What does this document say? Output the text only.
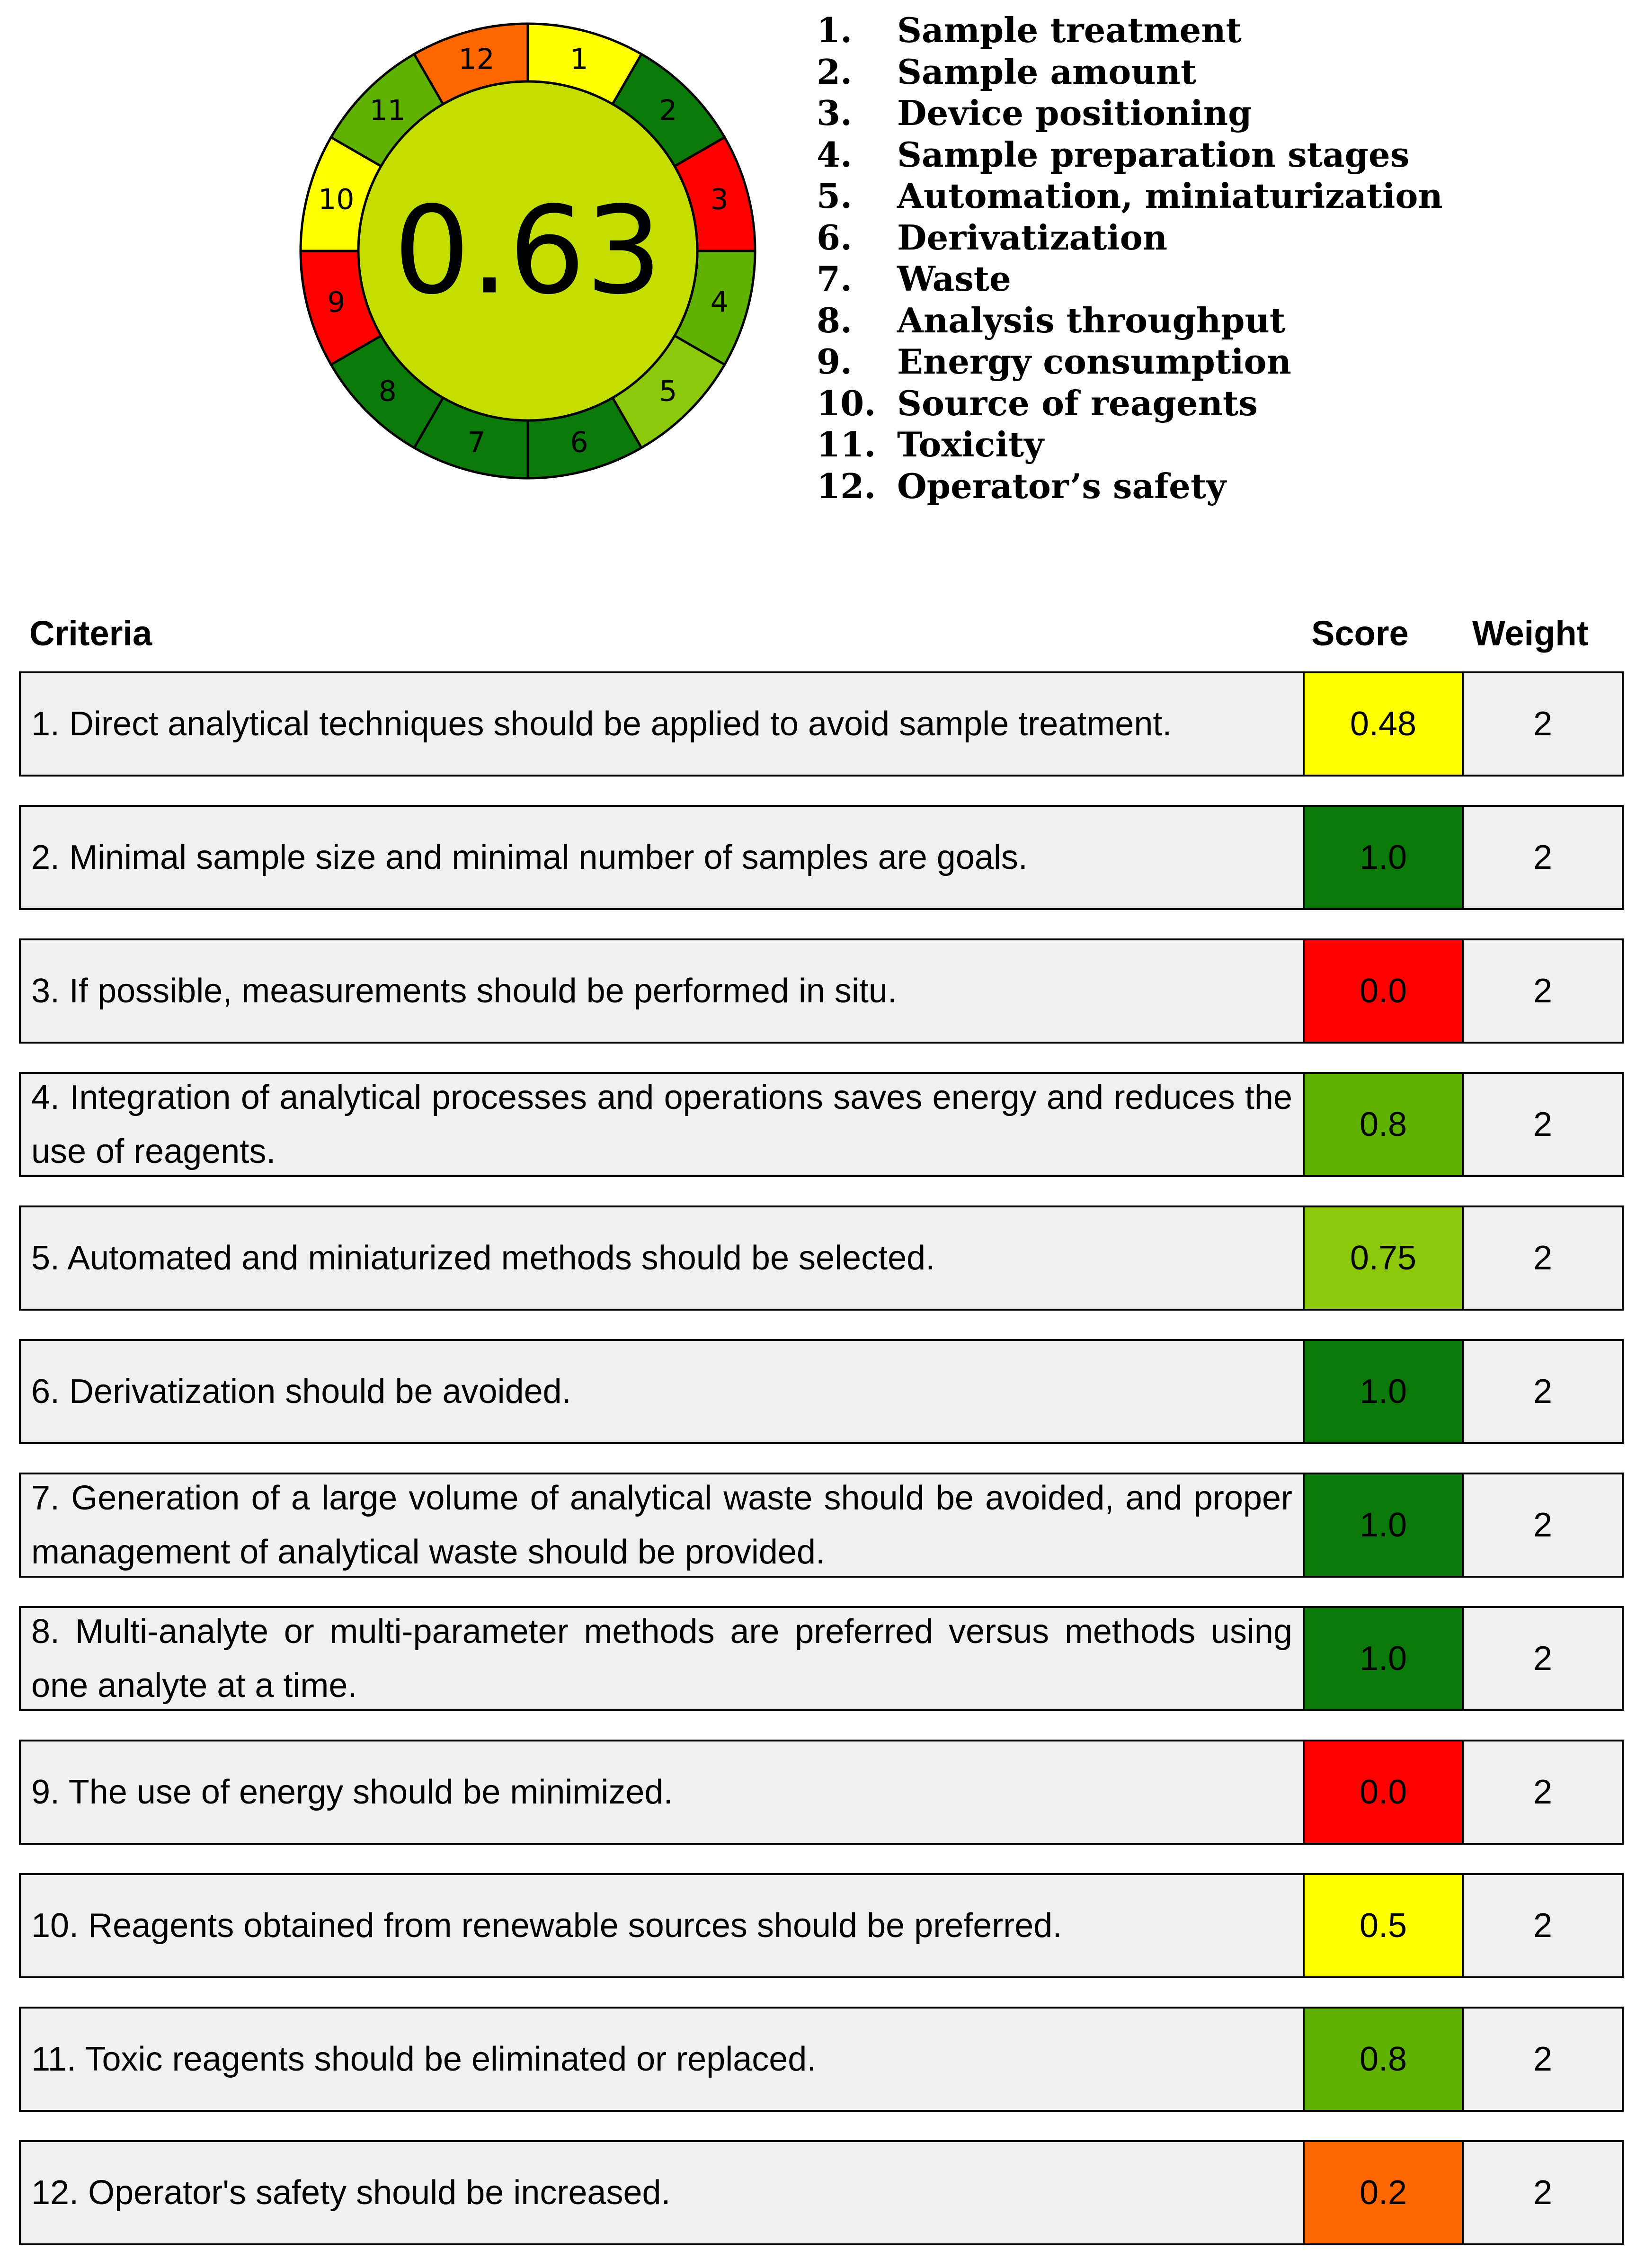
1
2
3
4
5
6
7
8
9
10
11
12
0.63
1.	Sample treatment
2.	Sample amount
3.	Device positioning
4.	Sample preparation stages
5.	Automation, miniaturization
6.	Derivatization
7.	Waste
8.	Analysis throughput
9.	Energy consumption
10. Source of reagents
11. Toxicity
12. Operator’s safety
Criteria	Score Weight
1. Direct analytical techniques should be applied to avoid sample treatment.	0.48	2
2. Minimal sample size and minimal number of samples are goals.	1.0	2
3. If possible, measurements should be performed in situ.	0.0	2
4. Integration of analytical processes and operations saves energy and reduces the use of reagents.
0.8	2
5. Automated and miniaturized methods should be selected.	0.75	2
6. Derivatization should be avoided.	1.0	2
7. Generation of a large volume of analytical waste should be avoided, and proper management of analytical waste should be provided.
1.0	2
8. Multi-analyte or multi-parameter methods are preferred versus methods using one analyte at a time.
1.0	2
9. The use of energy should be minimized.	0.0	2
10. Reagents obtained from renewable sources should be preferred.	0.5	2
11. Toxic reagents should be eliminated or replaced.	0.8	2
12. Operator's safety should be increased.	0.2	2
